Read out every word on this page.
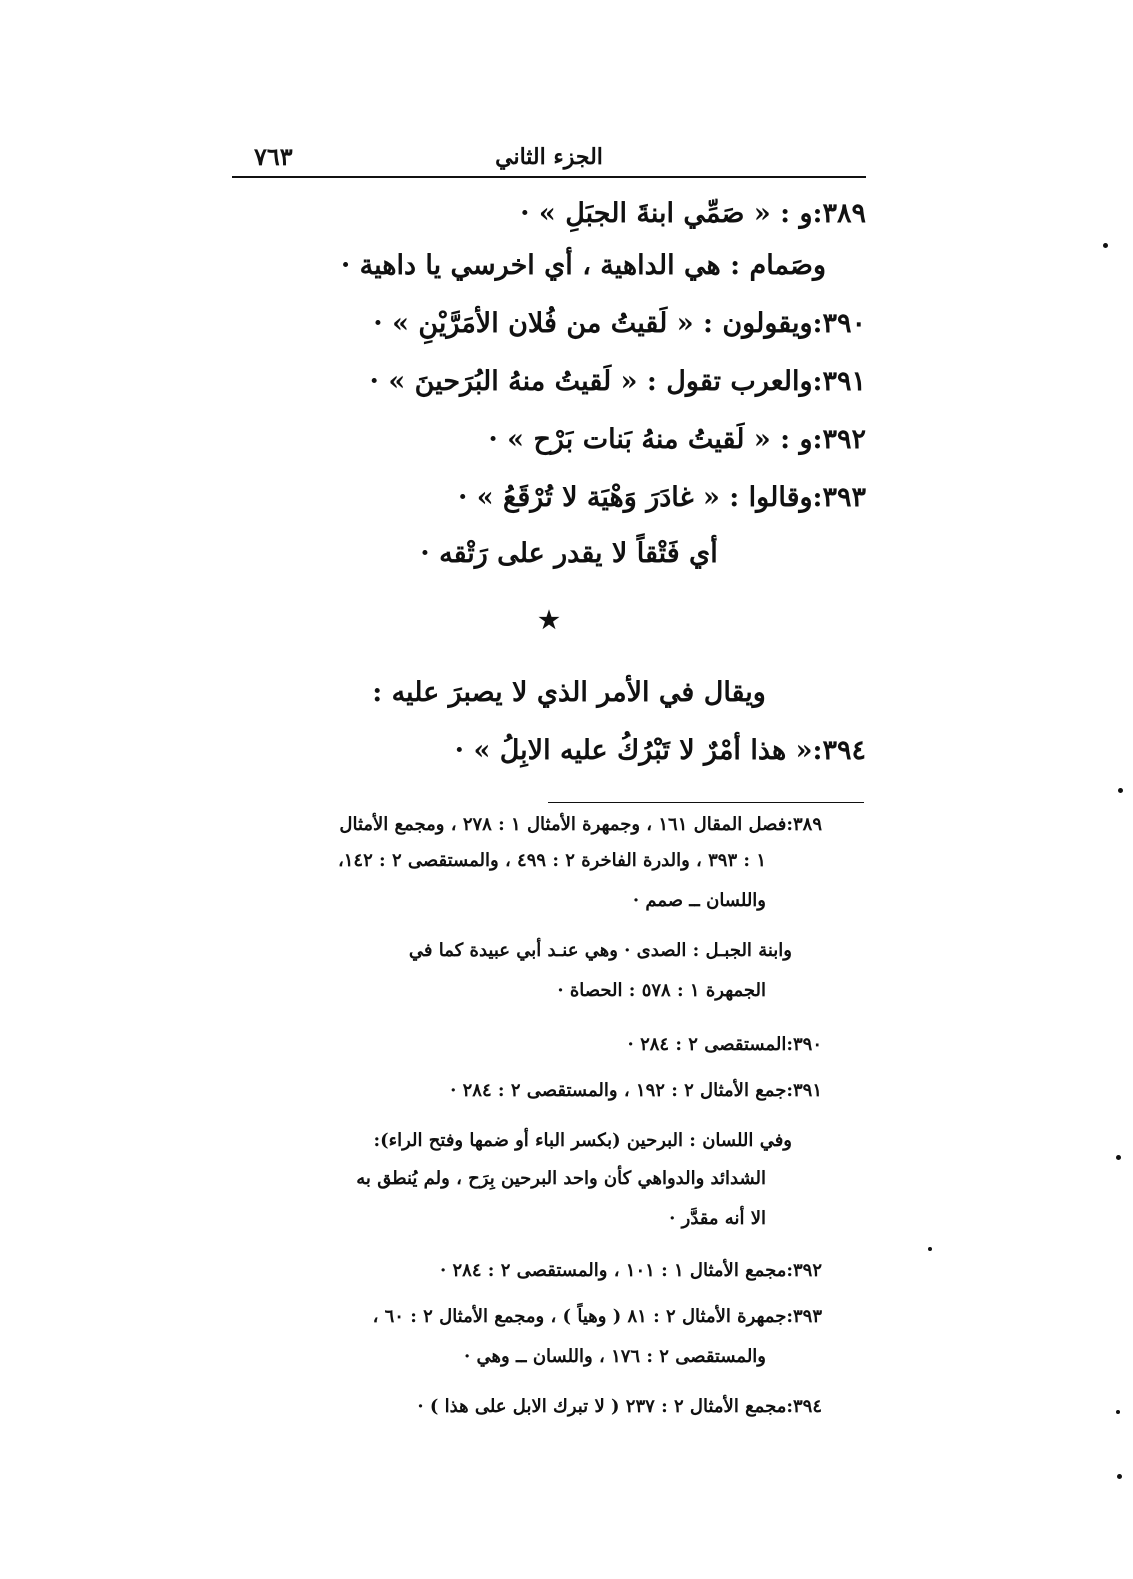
الجزء الثاني
٧٦٣
٣٨٩:و : « صَمِّي ابنةَ الجبَلِ » ·
وصَمام : هي الداهية ، أي اخرسي يا داهية ·
٣٩٠:ويقولون : « لَقيتُ من فُلان الأمَرَّيْنِ » ·
٣٩١:والعرب تقول : « لَقيتُ منهُ البُرَحينَ » ·
٣٩٢:و : « لَقيتُ منهُ بَنات بَرْح » ·
٣٩٣:وقالوا : « غادَرَ وَهْيَة لا تُرْقَعُ » ·
أي فَتْقاً لا يقدر على رَتْقه ·
★
ويقال في الأمر الذي لا يصبرَ عليه :
٣٩٤:« هذا أمْرٌ لا تَبْرُكُ عليه الابِلُ » ·
٣٨٩:فصل المقال ١٦١ ، وجمهرة الأمثال ١ : ٢٧٨ ، ومجمع الأمثال
١ : ٣٩٣ ، والدرة الفاخرة ٢ : ٤٩٩ ، والمستقصى ٢ : ١٤٢،
واللسان ــ صمم ·
وابنة الجبـل : الصدى · وهي عنـد أبي عبيدة كما في
الجمهرة ١ : ٥٧٨ : الحصاة ·
٣٩٠:المستقصى ٢ : ٢٨٤ ·
٣٩١:جمع الأمثال ٢ : ١٩٢ ، والمستقصى ٢ : ٢٨٤ ·
وفي اللسان : البرحين (بكسر الباء أو ضمها وفتح الراء):
الشدائد والدواهي كأن واحد البرحين بِرَح ، ولم يُنطق به
الا أنه مقدَّر ·
٣٩٢:مجمع الأمثال ١ : ١٠١ ، والمستقصى ٢ : ٢٨٤ ·
٣٩٣:جمهرة الأمثال ٢ : ٨١ ( وهياً ) ، ومجمع الأمثال ٢ : ٦٠ ،
والمستقصى ٢ : ١٧٦ ، واللسان ــ وهي ·
٣٩٤:مجمع الأمثال ٢ : ٢٣٧ ( لا تبرك الابل على هذا ) ·
